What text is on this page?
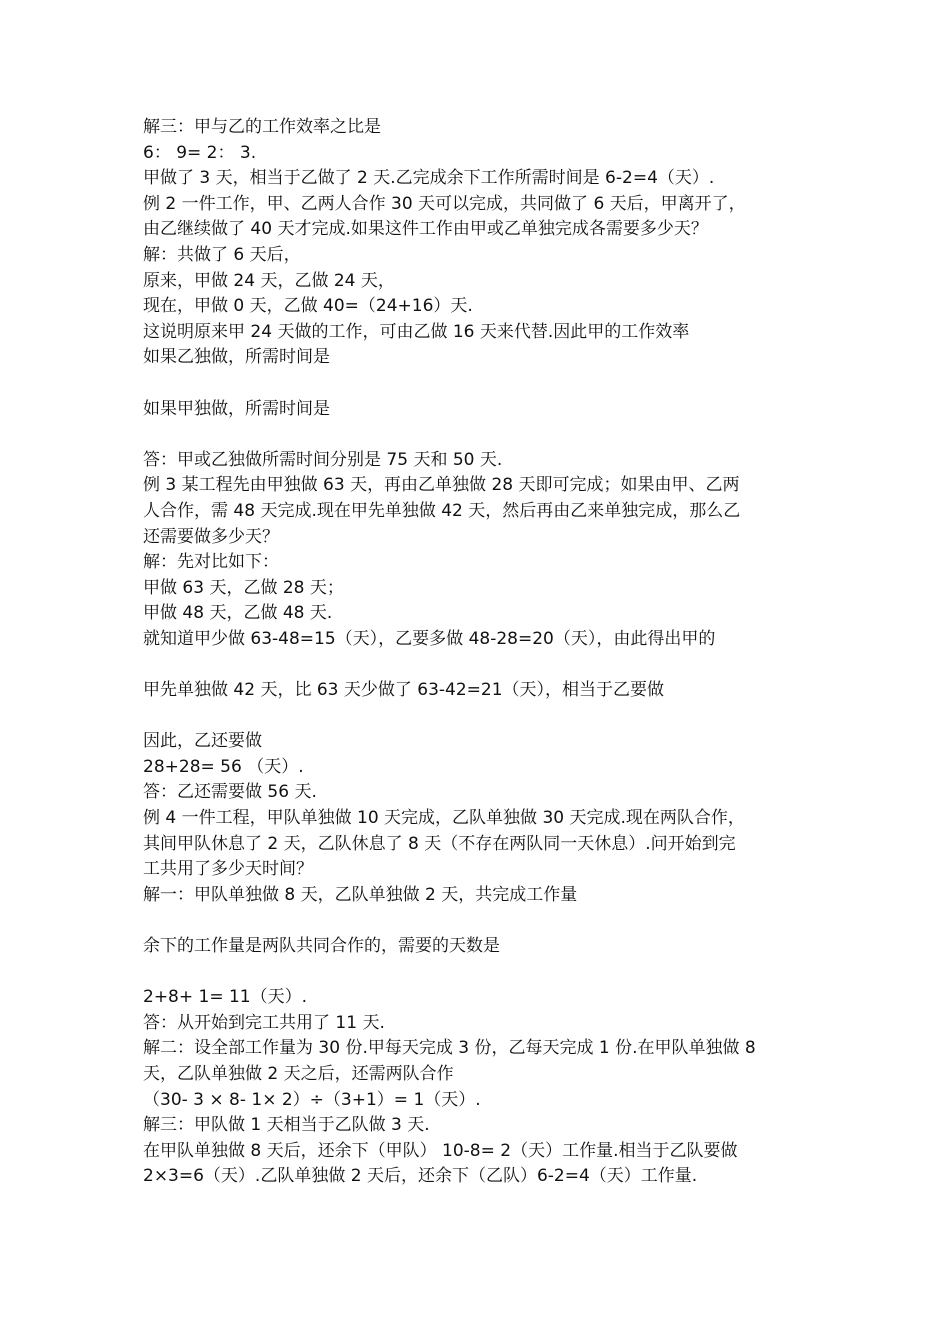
解三：甲与乙的工作效率之比是
6： 9= 2： 3.
甲做了 3 天，相当于乙做了 2 天.乙完成余下工作所需时间是 6-2=4（天）.
例 2 一件工作，甲、乙两人合作 30 天可以完成，共同做了 6 天后，甲离开了，
由乙继续做了 40 天才完成.如果这件工作由甲或乙单独完成各需要多少天？
解：共做了 6 天后，
原来，甲做 24 天，乙做 24 天，
现在，甲做 0 天，乙做 40=（24+16）天.
这说明原来甲 24 天做的工作，可由乙做 16 天来代替.因此甲的工作效率
如果乙独做，所需时间是
如果甲独做，所需时间是
答：甲或乙独做所需时间分别是 75 天和 50 天.
例 3 某工程先由甲独做 63 天，再由乙单独做 28 天即可完成；如果由甲、乙两
人合作，需 48 天完成.现在甲先单独做 42 天，然后再由乙来单独完成，那么乙
还需要做多少天？
解：先对比如下：
甲做 63 天，乙做 28 天；
甲做 48 天，乙做 48 天.
就知道甲少做 63-48=15（天），乙要多做 48-28=20（天），由此得出甲的
甲先单独做 42 天，比 63 天少做了 63-42=21（天），相当于乙要做
因此，乙还要做
28+28= 56 （天）.
答：乙还需要做 56 天.
例 4 一件工程，甲队单独做 10 天完成，乙队单独做 30 天完成.现在两队合作，
其间甲队休息了 2 天，乙队休息了 8 天（不存在两队同一天休息）.问开始到完
工共用了多少天时间？
解一：甲队单独做 8 天，乙队单独做 2 天，共完成工作量
余下的工作量是两队共同合作的，需要的天数是
2+8+ 1= 11（天）.
答：从开始到完工共用了 11 天.
解二：设全部工作量为 30 份.甲每天完成 3 份，乙每天完成 1 份.在甲队单独做 8
天，乙队单独做 2 天之后，还需两队合作
（30- 3 × 8- 1× 2）÷（3+1）= 1（天）.
解三：甲队做 1 天相当于乙队做 3 天.
在甲队单独做 8 天后，还余下（甲队） 10-8= 2（天）工作量.相当于乙队要做
2×3=6（天）.乙队单独做 2 天后，还余下（乙队）6-2=4（天）工作量.
